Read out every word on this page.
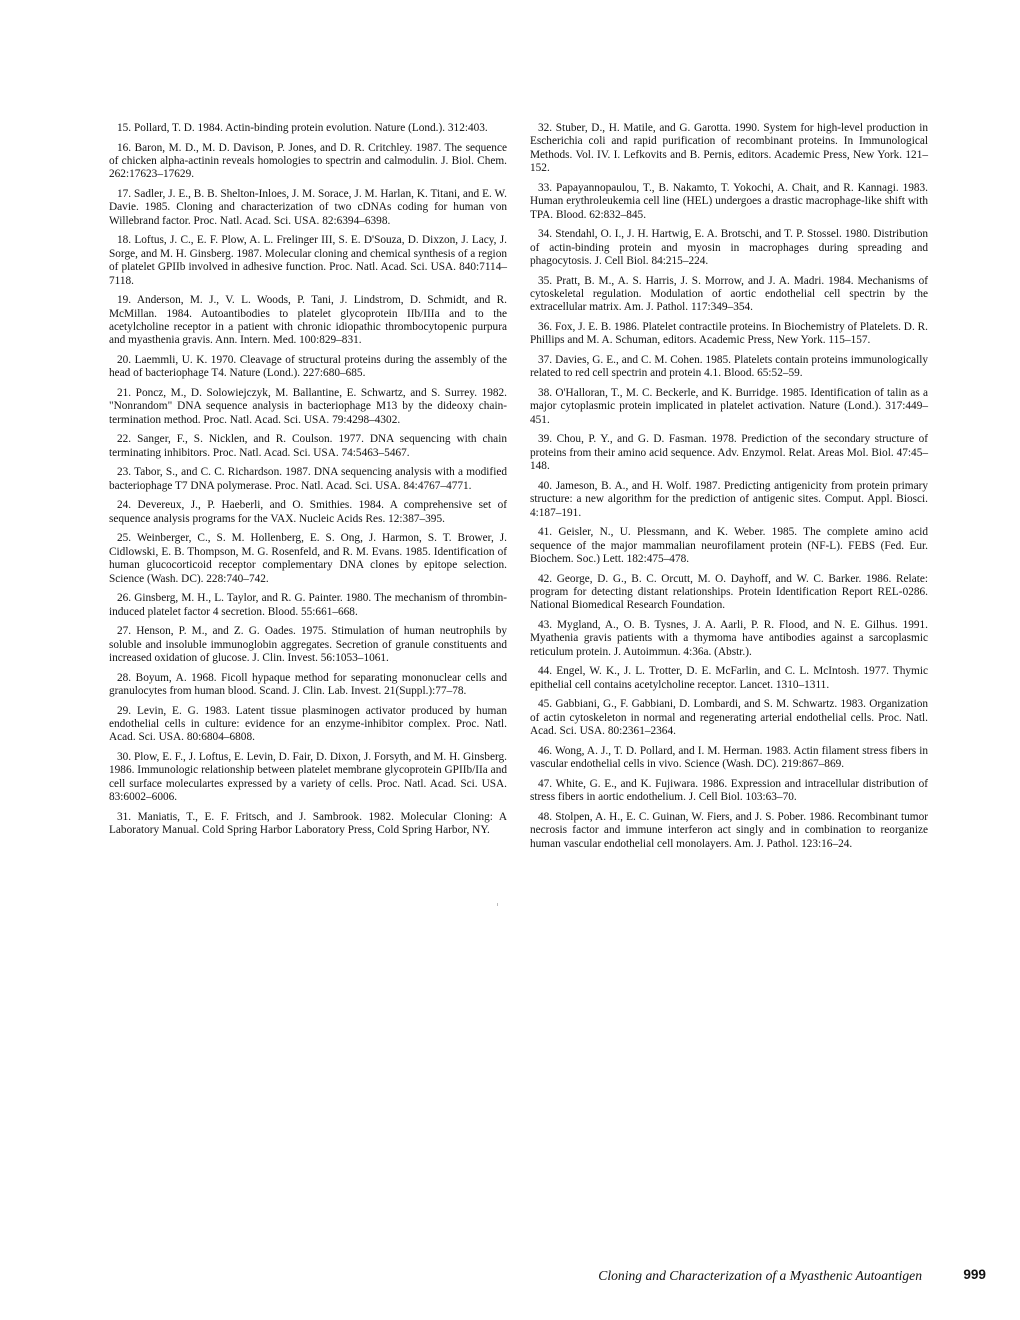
15. Pollard, T. D. 1984. Actin-binding protein evolution. Nature (Lond.). 312:403.

16. Baron, M. D., M. D. Davison, P. Jones, and D. R. Critchley. 1987. The sequence of chicken alpha-actinin reveals homologies to spectrin and calmodulin. J. Biol. Chem. 262:17623–17629.

17. Sadler, J. E., B. B. Shelton-Inloes, J. M. Sorace, J. M. Harlan, K. Titani, and E. W. Davie. 1985. Cloning and characterization of two cDNAs coding for human von Willebrand factor. Proc. Natl. Acad. Sci. USA. 82:6394–6398.

18. Loftus, J. C., E. F. Plow, A. L. Frelinger III, S. E. D'Souza, D. Dixzon, J. Lacy, J. Sorge, and M. H. Ginsberg. 1987. Molecular cloning and chemical synthesis of a region of platelet GPIIb involved in adhesive function. Proc. Natl. Acad. Sci. USA. 840:7114–7118.

19. Anderson, M. J., V. L. Woods, P. Tani, J. Lindstrom, D. Schmidt, and R. McMillan. 1984. Autoantibodies to platelet glycoprotein IIb/IIIa and to the acetylcholine receptor in a patient with chronic idiopathic thrombocytopenic purpura and myasthenia gravis. Ann. Intern. Med. 100:829–831.

20. Laemmli, U. K. 1970. Cleavage of structural proteins during the assembly of the head of bacteriophage T4. Nature (Lond.). 227:680–685.

21. Poncz, M., D. Solowiejczyk, M. Ballantine, E. Schwartz, and S. Surrey. 1982. "Nonrandom" DNA sequence analysis in bacteriophage M13 by the dideoxy chain-termination method. Proc. Natl. Acad. Sci. USA. 79:4298–4302.

22. Sanger, F., S. Nicklen, and R. Coulson. 1977. DNA sequencing with chain terminating inhibitors. Proc. Natl. Acad. Sci. USA. 74:5463–5467.

23. Tabor, S., and C. C. Richardson. 1987. DNA sequencing analysis with a modified bacteriophage T7 DNA polymerase. Proc. Natl. Acad. Sci. USA. 84:4767–4771.

24. Devereux, J., P. Haeberli, and O. Smithies. 1984. A comprehensive set of sequence analysis programs for the VAX. Nucleic Acids Res. 12:387–395.

25. Weinberger, C., S. M. Hollenberg, E. S. Ong, J. Harmon, S. T. Brower, J. Cidlowski, E. B. Thompson, M. G. Rosenfeld, and R. M. Evans. 1985. Identification of human glucocorticoid receptor complementary DNA clones by epitope selection. Science (Wash. DC). 228:740–742.

26. Ginsberg, M. H., L. Taylor, and R. G. Painter. 1980. The mechanism of thrombin-induced platelet factor 4 secretion. Blood. 55:661–668.

27. Henson, P. M., and Z. G. Oades. 1975. Stimulation of human neutrophils by soluble and insoluble immunoglobin aggregates. Secretion of granule constituents and increased oxidation of glucose. J. Clin. Invest. 56:1053–1061.

28. Boyum, A. 1968. Ficoll hypaque method for separating mononuclear cells and granulocytes from human blood. Scand. J. Clin. Lab. Invest. 21(Suppl.):77–78.

29. Levin, E. G. 1983. Latent tissue plasminogen activator produced by human endothelial cells in culture: evidence for an enzyme-inhibitor complex. Proc. Natl. Acad. Sci. USA. 80:6804–6808.

30. Plow, E. F., J. Loftus, E. Levin, D. Fair, D. Dixon, J. Forsyth, and M. H. Ginsberg. 1986. Immunologic relationship between platelet membrane glycoprotein GPIIb/IIa and cell surface moleculartes expressed by a variety of cells. Proc. Natl. Acad. Sci. USA. 83:6002–6006.

31. Maniatis, T., E. F. Fritsch, and J. Sambrook. 1982. Molecular Cloning: A Laboratory Manual. Cold Spring Harbor Laboratory Press, Cold Spring Harbor, NY.

32. Stuber, D., H. Matile, and G. Garotta. 1990. System for high-level production in Escherichia coli and rapid purification of recombinant proteins. In Immunological Methods. Vol. IV. I. Lefkovits and B. Pernis, editors. Academic Press, New York. 121–152.

33. Papayannopaulou, T., B. Nakamto, T. Yokochi, A. Chait, and R. Kannagi. 1983. Human erythroleukemia cell line (HEL) undergoes a drastic macrophage-like shift with TPA. Blood. 62:832–845.

34. Stendahl, O. I., J. H. Hartwig, E. A. Brotschi, and T. P. Stossel. 1980. Distribution of actin-binding protein and myosin in macrophages during spreading and phagocytosis. J. Cell Biol. 84:215–224.

35. Pratt, B. M., A. S. Harris, J. S. Morrow, and J. A. Madri. 1984. Mechanisms of cytoskeletal regulation. Modulation of aortic endothelial cell spectrin by the extracellular matrix. Am. J. Pathol. 117:349–354.

36. Fox, J. E. B. 1986. Platelet contractile proteins. In Biochemistry of Platelets. D. R. Phillips and M. A. Schuman, editors. Academic Press, New York. 115–157.

37. Davies, G. E., and C. M. Cohen. 1985. Platelets contain proteins immunologically related to red cell spectrin and protein 4.1. Blood. 65:52–59.

38. O'Halloran, T., M. C. Beckerle, and K. Burridge. 1985. Identification of talin as a major cytoplasmic protein implicated in platelet activation. Nature (Lond.). 317:449–451.

39. Chou, P. Y., and G. D. Fasman. 1978. Prediction of the secondary structure of proteins from their amino acid sequence. Adv. Enzymol. Relat. Areas Mol. Biol. 47:45–148.

40. Jameson, B. A., and H. Wolf. 1987. Predicting antigenicity from protein primary structure: a new algorithm for the prediction of antigenic sites. Comput. Appl. Biosci. 4:187–191.

41. Geisler, N., U. Plessmann, and K. Weber. 1985. The complete amino acid sequence of the major mammalian neurofilament protein (NF-L). FEBS (Fed. Eur. Biochem. Soc.) Lett. 182:475–478.

42. George, D. G., B. C. Orcutt, M. O. Dayhoff, and W. C. Barker. 1986. Relate: program for detecting distant relationships. Protein Identification Report REL-0286. National Biomedical Research Foundation.

43. Mygland, A., O. B. Tysnes, J. A. Aarli, P. R. Flood, and N. E. Gilhus. 1991. Myathenia gravis patients with a thymoma have antibodies against a sarcoplasmic reticulum protein. J. Autoimmun. 4:36a. (Abstr.).

44. Engel, W. K., J. L. Trotter, D. E. McFarlin, and C. L. McIntosh. 1977. Thymic epithelial cell contains acetylcholine receptor. Lancet. 1310–1311.

45. Gabbiani, G., F. Gabbiani, D. Lombardi, and S. M. Schwartz. 1983. Organization of actin cytoskeleton in normal and regenerating arterial endothelial cells. Proc. Natl. Acad. Sci. USA. 80:2361–2364.

46. Wong, A. J., T. D. Pollard, and I. M. Herman. 1983. Actin filament stress fibers in vascular endothelial cells in vivo. Science (Wash. DC). 219:867–869.

47. White, G. E., and K. Fujiwara. 1986. Expression and intracellular distribution of stress fibers in aortic endothelium. J. Cell Biol. 103:63–70.

48. Stolpen, A. H., E. C. Guinan, W. Fiers, and J. S. Pober. 1986. Recombinant tumor necrosis factor and immune interferon act singly and in combination to reorganize human vascular endothelial cell monolayers. Am. J. Pathol. 123:16–24.

Cloning and Characterization of a Myasthenic Autoantigen	999
